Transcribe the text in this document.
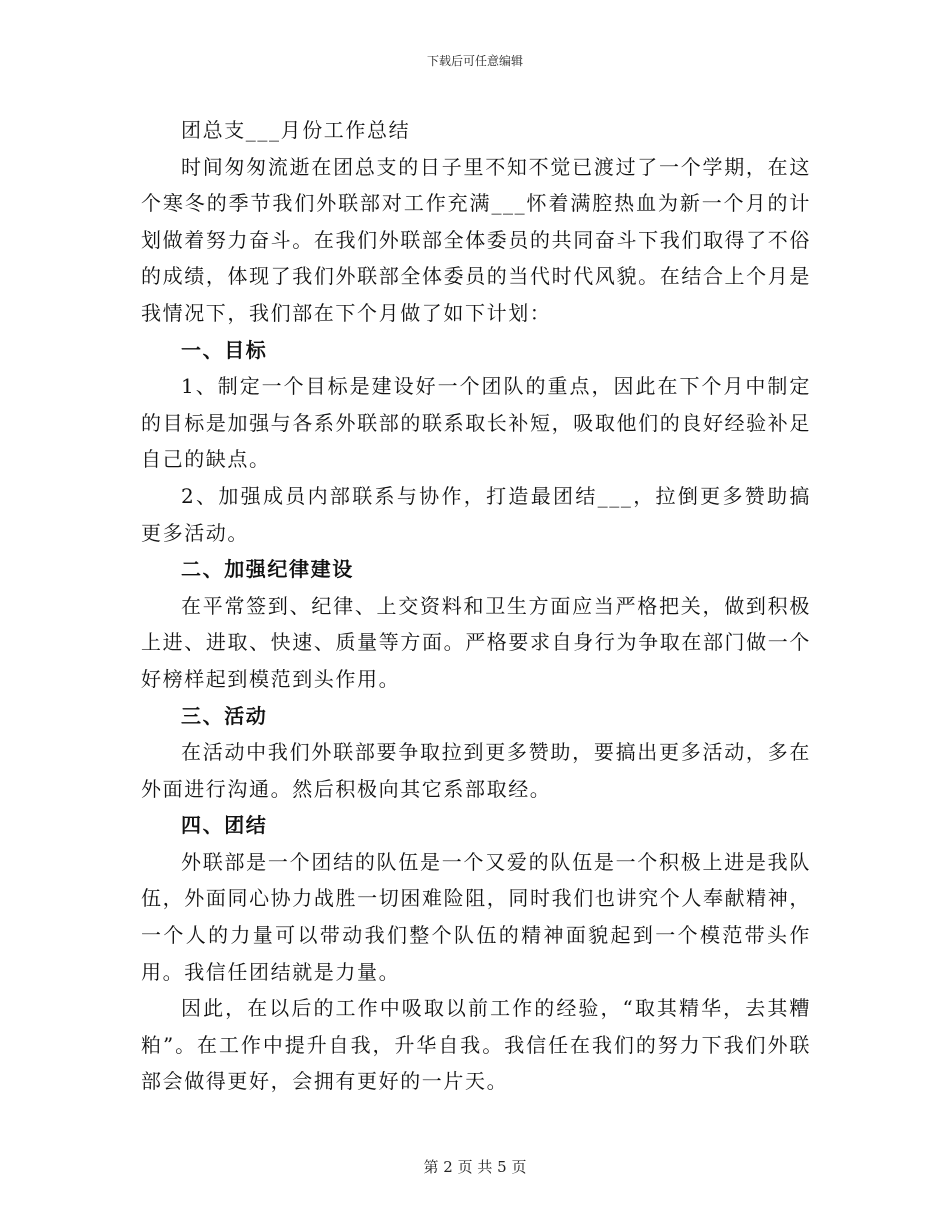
下载后可任意编辑

团总支___月份工作总结

时间匆匆流逝在团总支的日子里不知不觉已渡过了一个学期，在这个寒冬的季节我们外联部对工作充满___怀着满腔热血为新一个月的计划做着努力奋斗。在我们外联部全体委员的共同奋斗下我们取得了不俗的成绩，体现了我们外联部全体委员的当代时代风貌。在结合上个月是我情况下，我们部在下个月做了如下计划：

一、目标

1、制定一个目标是建设好一个团队的重点，因此在下个月中制定的目标是加强与各系外联部的联系取长补短，吸取他们的良好经验补足自己的缺点。

2、加强成员内部联系与协作，打造最团结___，拉倒更多赞助搞更多活动。

二、加强纪律建设

在平常签到、纪律、上交资料和卫生方面应当严格把关，做到积极上进、进取、快速、质量等方面。严格要求自身行为争取在部门做一个好榜样起到模范到头作用。

三、活动

在活动中我们外联部要争取拉到更多赞助，要搞出更多活动，多在外面进行沟通。然后积极向其它系部取经。

四、团结

外联部是一个团结的队伍是一个又爱的队伍是一个积极上进是我队伍，外面同心协力战胜一切困难险阻，同时我们也讲究个人奉献精神，一个人的力量可以带动我们整个队伍的精神面貌起到一个模范带头作用。我信任团结就是力量。

因此，在以后的工作中吸取以前工作的经验，“取其精华，去其糟粕”。在工作中提升自我，升华自我。我信任在我们的努力下我们外联部会做得更好，会拥有更好的一片天。

第 2 页 共 5 页
